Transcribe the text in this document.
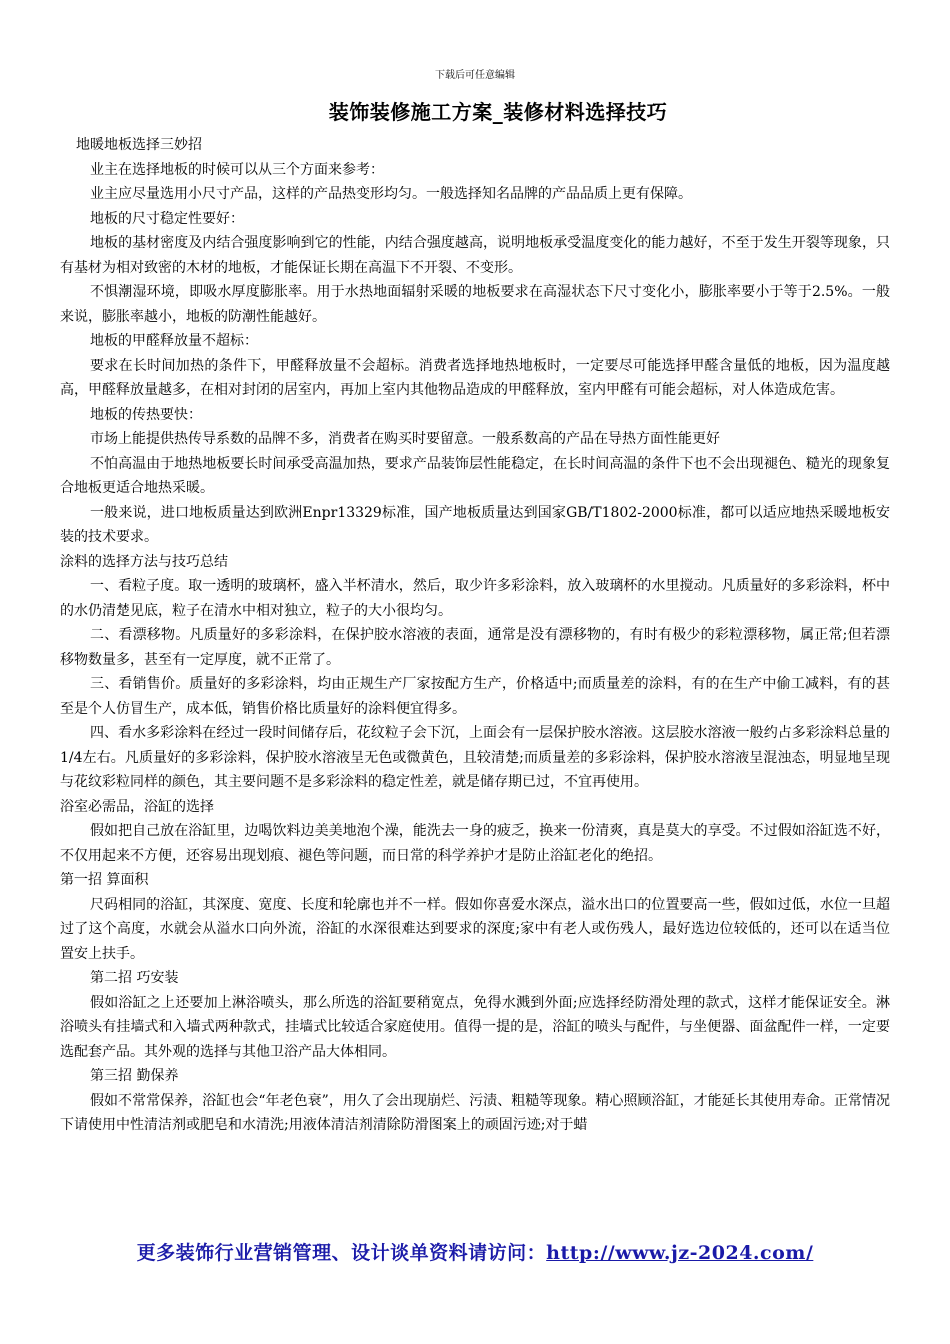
下载后可任意编辑
装饰装修施工方案_装修材料选择技巧

地暖地板选择三妙招

业主在选择地板的时候可以从三个方面来参考：

业主应尽量选用小尺寸产品，这样的产品热变形均匀。一般选择知名品牌的产品品质上更有保障。

地板的尺寸稳定性要好：

地板的基材密度及内结合强度影响到它的性能，内结合强度越高，说明地板承受温度变化的能力越好，不至于发生开裂等现象，只有基材为相对致密的木材的地板，才能保证长期在高温下不开裂、不变形。

不惧潮湿环境，即吸水厚度膨胀率。用于水热地面辐射采暖的地板要求在高湿状态下尺寸变化小，膨胀率要小于等于2.5%。一般来说，膨胀率越小，地板的防潮性能越好。

地板的甲醛释放量不超标：

要求在长时间加热的条件下，甲醛释放量不会超标。消费者选择地热地板时，一定要尽可能选择甲醛含量低的地板，因为温度越高，甲醛释放量越多，在相对封闭的居室内，再加上室内其他物品造成的甲醛释放，室内甲醛有可能会超标，对人体造成危害。

地板的传热要快：

市场上能提供热传导系数的品牌不多，消费者在购买时要留意。一般系数高的产品在导热方面性能更好

不怕高温由于地热地板要长时间承受高温加热，要求产品装饰层性能稳定，在长时间高温的条件下也不会出现褪色、糙光的现象复合地板更适合地热采暖。

一般来说，进口地板质量达到欧洲Enpr13329标准，国产地板质量达到国家GB/T1802-2000标准，都可以适应地热采暖地板安装的技术要求。

涂料的选择方法与技巧总结

一、看粒子度。取一透明的玻璃杯，盛入半杯清水，然后，取少许多彩涂料，放入玻璃杯的水里搅动。凡质量好的多彩涂料，杯中的水仍清楚见底，粒子在清水中相对独立，粒子的大小很均匀。

二、看漂移物。凡质量好的多彩涂料，在保护胶水溶液的表面，通常是没有漂移物的，有时有极少的彩粒漂移物，属正常;但若漂移物数量多，甚至有一定厚度，就不正常了。

三、看销售价。质量好的多彩涂料，均由正规生产厂家按配方生产，价格适中;而质量差的涂料，有的在生产中偷工减料，有的甚至是个人仿冒生产，成本低，销售价格比质量好的涂料便宜得多。

四、看水多彩涂料在经过一段时间储存后，花纹粒子会下沉，上面会有一层保护胶水溶液。这层胶水溶液一般约占多彩涂料总量的1/4左右。凡质量好的多彩涂料，保护胶水溶液呈无色或微黄色，且较清楚;而质量差的多彩涂料，保护胶水溶液呈混浊态，明显地呈现与花纹彩粒同样的颜色，其主要问题不是多彩涂料的稳定性差，就是储存期已过，不宜再使用。

浴室必需品，浴缸的选择

假如把自己放在浴缸里，边喝饮料边美美地泡个澡，能洗去一身的疲乏，换来一份清爽，真是莫大的享受。不过假如浴缸选不好，不仅用起来不方便，还容易出现划痕、褪色等问题，而日常的科学养护才是防止浴缸老化的绝招。

第一招 算面积

尺码相同的浴缸，其深度、宽度、长度和轮廓也并不一样。假如你喜爱水深点，溢水出口的位置要高一些，假如过低，水位一旦超过了这个高度，水就会从溢水口向外流，浴缸的水深很难达到要求的深度;家中有老人或伤残人，最好选边位较低的，还可以在适当位置安上扶手。

第二招 巧安装

假如浴缸之上还要加上淋浴喷头，那么所选的浴缸要稍宽点，免得水溅到外面;应选择经防滑处理的款式，这样才能保证安全。淋浴喷头有挂墙式和入墙式两种款式，挂墙式比较适合家庭使用。值得一提的是，浴缸的喷头与配件，与坐便器、面盆配件一样，一定要选配套产品。其外观的选择与其他卫浴产品大体相同。

第三招 勤保养

假如不常常保养，浴缸也会“年老色衰”，用久了会出现崩烂、污渍、粗糙等现象。精心照顾浴缸，才能延长其使用寿命。正常情况下请使用中性清洁剂或肥皂和水清洗;用液体清洁剂清除防滑图案上的顽固污迹;对于蜡

更多装饰行业营销管理、设计谈单资料请访问：http://www.jz-2024.com/
